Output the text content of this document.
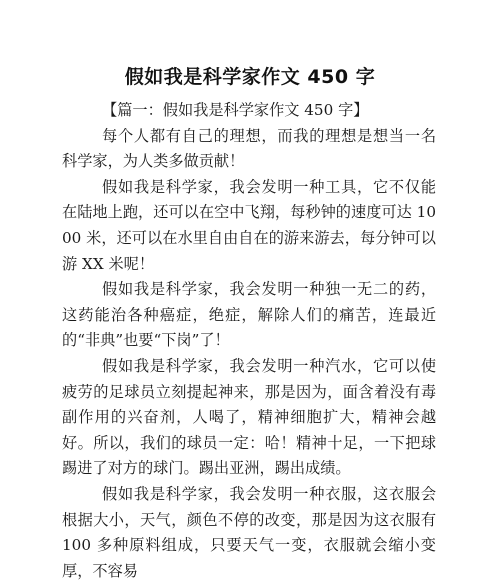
假如我是科学家作文 450 字

【篇一：假如我是科学家作文 450 字】

每个人都有自己的理想，而我的理想是想当一名科学家，为人类多做贡献！

假如我是科学家，我会发明一种工具，它不仅能在陆地上跑，还可以在空中飞翔，每秒钟的速度可达 1000 米，还可以在水里自由自在的游来游去，每分钟可以游 XX 米呢！

假如我是科学家，我会发明一种独一无二的药，这药能治各种癌症，绝症，解除人们的痛苦，连最近的“非典”也要“下岗”了！

假如我是科学家，我会发明一种汽水，它可以使疲劳的足球员立刻提起神来，那是因为，面含着没有毒副作用的兴奋剂，人喝了，精神细胞扩大，精神会越好。所以，我们的球员一定：哈！精神十足，一下把球踢进了对方的球门。踢出亚洲，踢出成绩。

假如我是科学家，我会发明一种衣服，这衣服会根据大小，天气，颜色不停的改变，那是因为这衣服有 100 多种原料组成，只要天气一变，衣服就会缩小变厚，不容易
